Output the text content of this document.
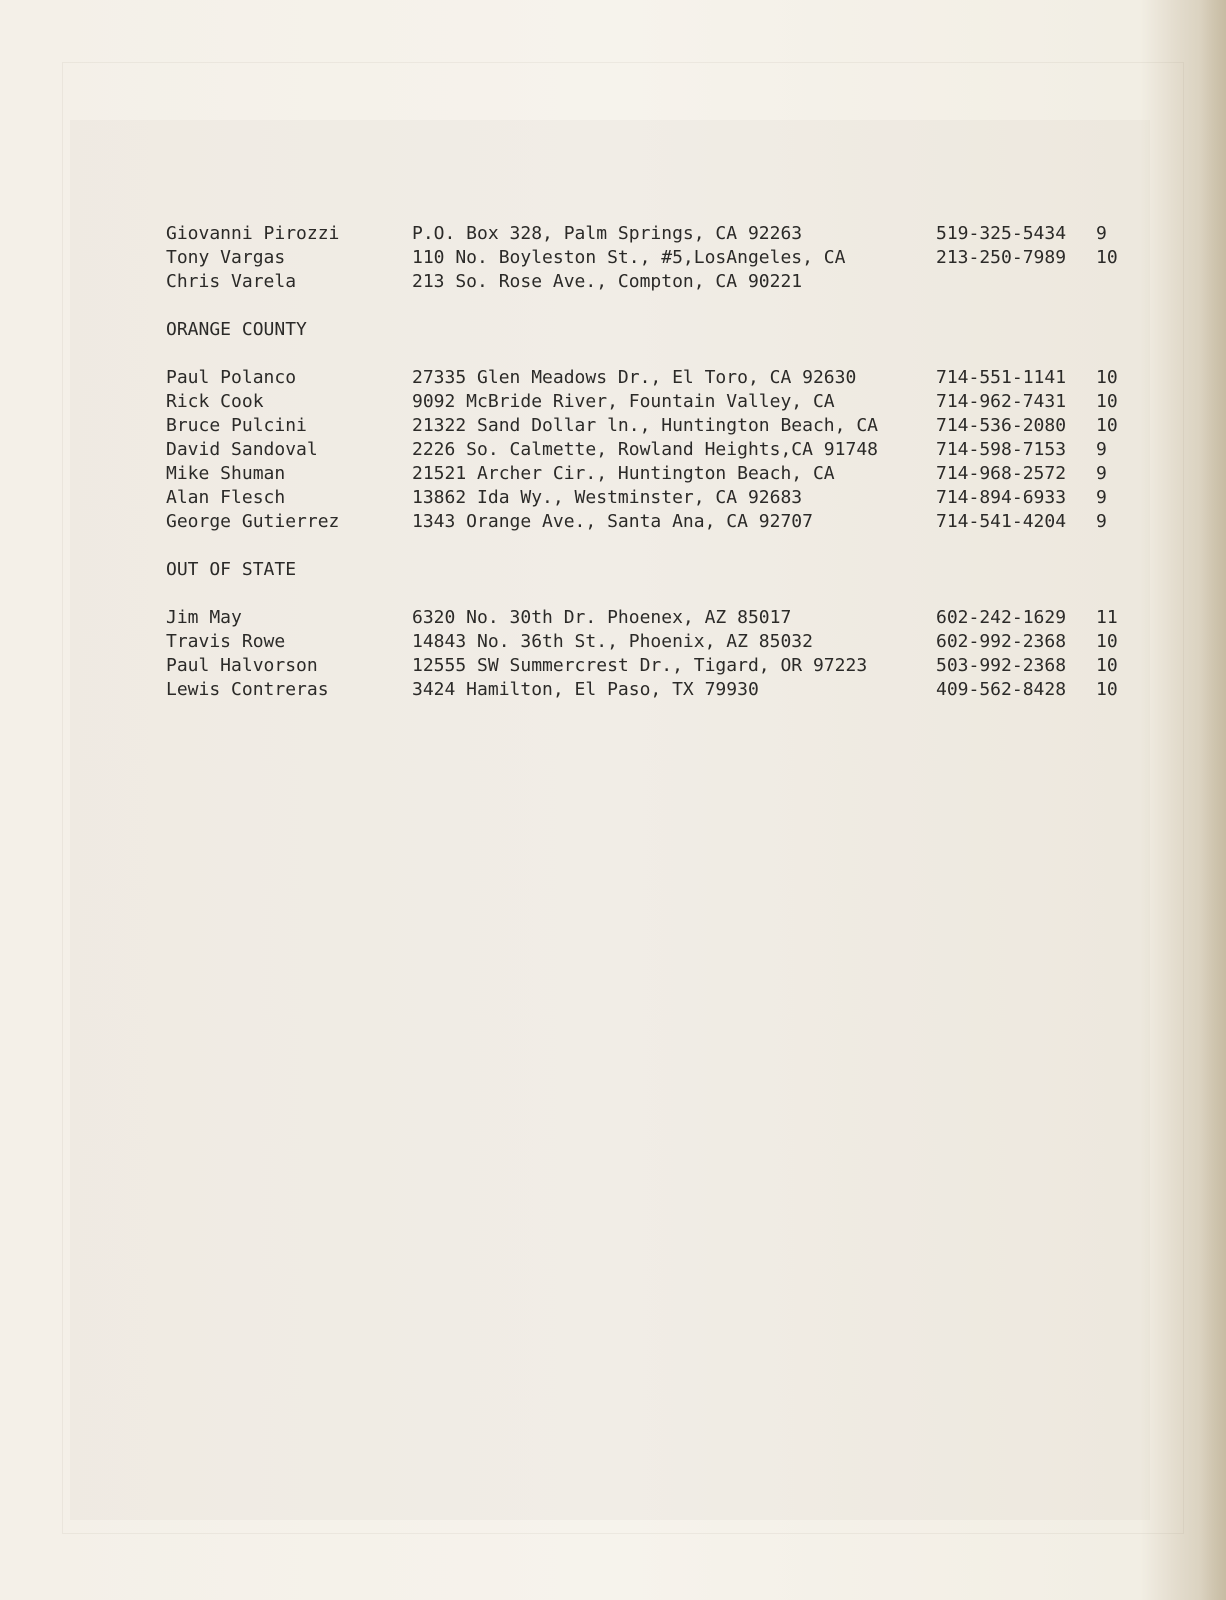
Giovanni Pirozzi	P.O. Box 328, Palm Springs, CA 92263	519-325-5434 9
Tony Vargas	110 No. Boyleston St., #5,LosAngeles, CA	213-250-7989 10
Chris Varela	213 So. Rose Ave., Compton, CA 90221
ORANGE COUNTY
Paul Polanco	27335 Glen Meadows Dr., El Toro, CA 92630	714-551-1141 10
Rick Cook	9092 McBride River, Fountain Valley, CA	714-962-7431 10
Bruce Pulcini	21322 Sand Dollar ln., Huntington Beach, CA	714-536-2080 10
David Sandoval	2226 So. Calmette, Rowland Heights,CA 91748	714-598-7153 9
Mike Shuman	21521 Archer Cir., Huntington Beach, CA	714-968-2572 9
Alan Flesch	13862 Ida Wy., Westminster, CA 92683	714-894-6933 9
George Gutierrez	1343 Orange Ave., Santa Ana, CA 92707	714-541-4204 9
OUT OF STATE
Jim May	6320 No. 30th Dr. Phoenex, AZ 85017	602-242-1629 11
Travis Rowe	14843 No. 36th St., Phoenix, AZ 85032	602-992-2368 10
Paul Halvorson	12555 SW Summercrest Dr., Tigard, OR 97223	503-992-2368 10
Lewis Contreras	3424 Hamilton, El Paso, TX 79930	409-562-8428 10
